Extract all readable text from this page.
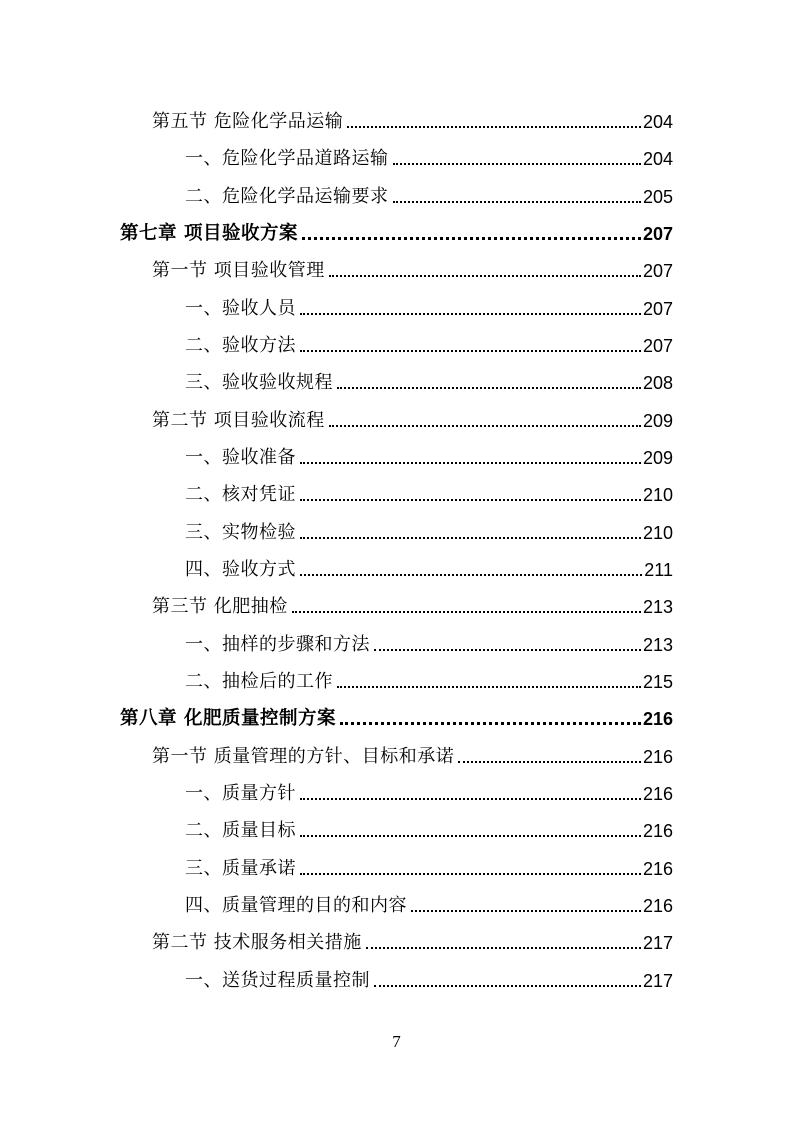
第五节 危险化学品运输	204
一、危险化学品道路运输	204
二、危险化学品运输要求	205
第七章 项目验收方案	207
第一节 项目验收管理	207
一、验收人员	207
二、验收方法	207
三、验收验收规程	208
第二节 项目验收流程	209
一、验收准备	209
二、核对凭证	210
三、实物检验	210
四、验收方式	211
第三节 化肥抽检	213
一、抽样的步骤和方法	213
二、抽检后的工作	215
第八章 化肥质量控制方案	216
第一节 质量管理的方针、目标和承诺	216
一、质量方针	216
二、质量目标	216
三、质量承诺	216
四、质量管理的目的和内容	216
第二节 技术服务相关措施	217
一、送货过程质量控制	217
7
